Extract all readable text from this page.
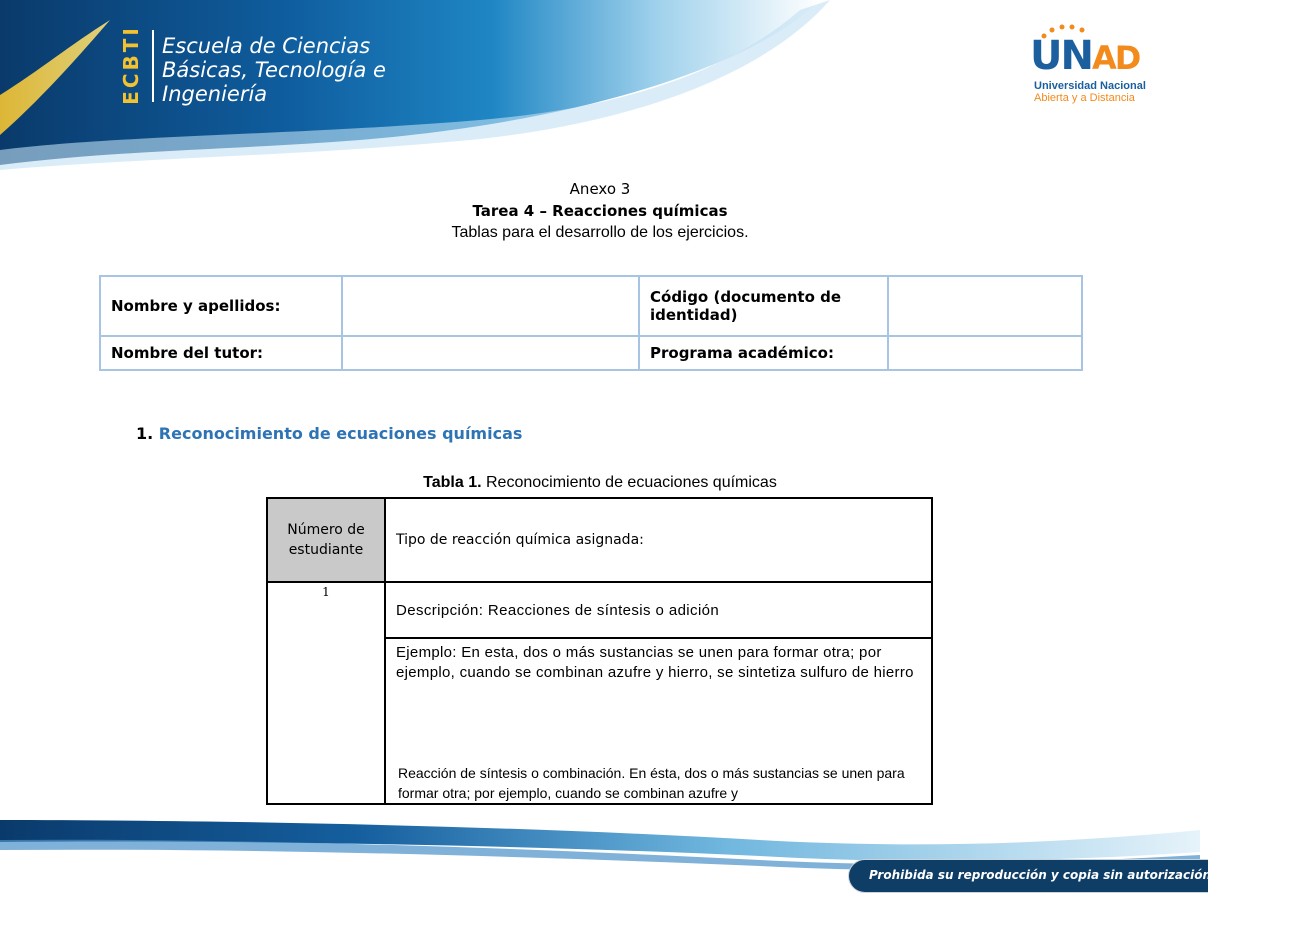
ECBTI Escuela de Ciencias
Básicas, Tecnología e
Ingeniería
UNAD
Universidad Nacional
Abierta y a Distancia
Anexo 3
Tarea 4 – Reacciones químicas
Tablas para el desarrollo de los ejercicios.
Nombre y apellidos:		Código (documento de identidad)	
Nombre del tutor:		Programa académico:	
1. Reconocimiento de ecuaciones químicas
Tabla 1. Reconocimiento de ecuaciones químicas
Número de estudiante	Tipo de reacción química asignada:
1	Descripción: Reacciones de síntesis o adición

	Ejemplo: En esta, dos o más sustancias se unen para formar otra; por ejemplo, cuando se combinan azufre y hierro, se sintetiza sulfuro de hierro
Reacción de síntesis o combinación. En ésta, dos o más sustancias se unen para formar otra; por ejemplo, cuando se combinan azufre y
Prohibida su reproducción y copia sin autorización de la UNAD
